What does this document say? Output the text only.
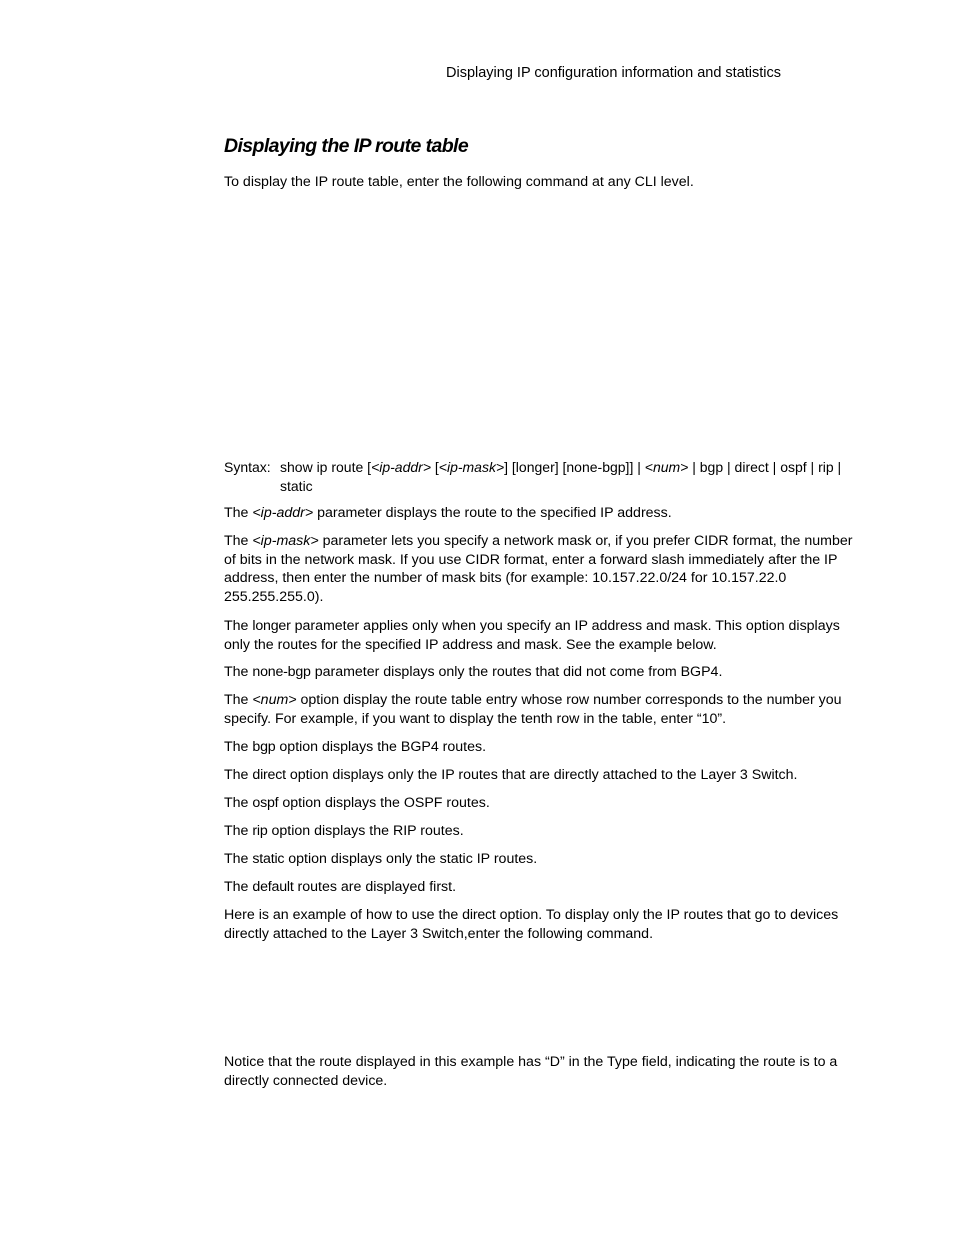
Displaying IP configuration information and statistics
Displaying the IP route table

To display the IP route table, enter the following command at any CLI level.

Syntax: show ip route [<ip-addr> [<ip-mask>] [longer] [none-bgp]] | <num> | bgp | direct | ospf | rip | static

The <ip-addr> parameter displays the route to the specified IP address.

The <ip-mask> parameter lets you specify a network mask or, if you prefer CIDR format, the number of bits in the network mask. If you use CIDR format, enter a forward slash immediately after the IP address, then enter the number of mask bits (for example: 10.157.22.0/24 for 10.157.22.0 255.255.255.0).

The longer parameter applies only when you specify an IP address and mask. This option displays only the routes for the specified IP address and mask. See the example below.

The none-bgp parameter displays only the routes that did not come from BGP4.

The <num> option display the route table entry whose row number corresponds to the number you specify. For example, if you want to display the tenth row in the table, enter “10”.

The bgp option displays the BGP4 routes.

The direct option displays only the IP routes that are directly attached to the Layer 3 Switch.

The ospf option displays the OSPF routes.

The rip option displays the RIP routes.

The static option displays only the static IP routes.

The default routes are displayed first.

Here is an example of how to use the direct option. To display only the IP routes that go to devices directly attached to the Layer 3 Switch,enter the following command.

Notice that the route displayed in this example has “D” in the Type field, indicating the route is to a directly connected device.
